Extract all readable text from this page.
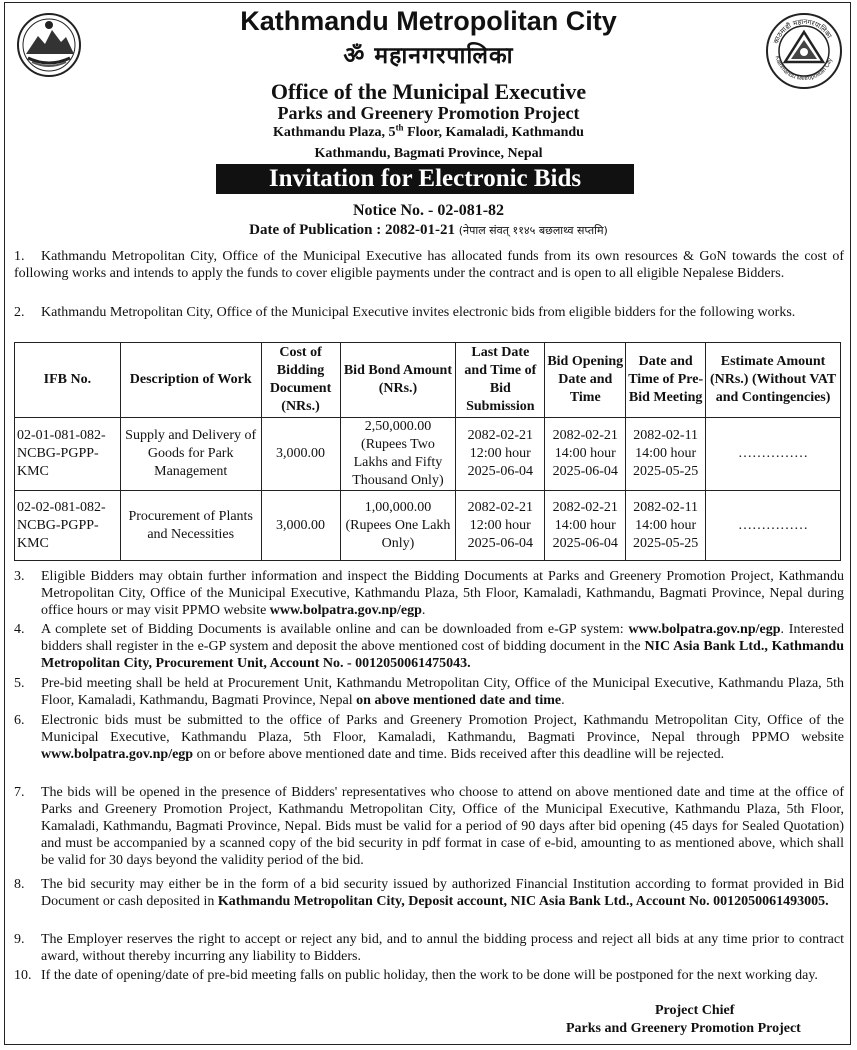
काठमाडौं महानगरपालिका
Kathmandu Metropolitan City
Kathmandu Metropolitan City
ॐ महानगरपालिका
Office of the Municipal Executive
Parks and Greenery Promotion Project
Kathmandu Plaza, 5th Floor, Kamaladi, Kathmandu
Kathmandu, Bagmati Province, Nepal
Invitation for Electronic Bids
Notice No. - 02-081-82
Date of Publication : 2082-01-21 (नेपाल संवत् ११४५ बछलाथ्व सप्तमि)
1.	Kathmandu Metropolitan City, Office of the Municipal Executive has allocated funds from its own resources & GoN towards the cost of following works and intends to apply the funds to cover eligible payments under the contract and is open to all eligible Nepalese Bidders.
2.	Kathmandu Metropolitan City, Office of the Municipal Executive invites electronic bids from eligible bidders for the following works.
IFB No.	Description of Work	Cost of Bidding Document (NRs.)	Bid Bond Amount (NRs.)	Last Date and Time of Bid Submission	Bid Opening Date and Time	Date and Time of Pre-Bid Meeting	Estimate Amount (NRs.) (Without VAT and Contingencies)
02-01-081-082-NCBG-PGPP-KMC	Supply and Delivery of Goods for Park Management	3,000.00	2,50,000.00 (Rupees Two Lakhs and Fifty Thousand Only)	2082-02-21 12:00 hour 2025-06-04	2082-02-21 14:00 hour 2025-06-04	2082-02-11 14:00 hour 2025-05-25	……………
02-02-081-082-NCBG-PGPP-KMC	Procurement of Plants and Necessities	3,000.00	1,00,000.00 (Rupees One Lakh Only)	2082-02-21 12:00 hour 2025-06-04	2082-02-21 14:00 hour 2025-06-04	2082-02-11 14:00 hour 2025-05-25	……………
3. Eligible Bidders may obtain further information and inspect the Bidding Documents at Parks and Greenery Promotion Project, Kathmandu Metropolitan City, Office of the Municipal Executive, Kathmandu Plaza, 5th Floor, Kamaladi, Kathmandu, Bagmati Province, Nepal during office hours or may visit PPMO website www.bolpatra.gov.np/egp.
4. A complete set of Bidding Documents is available online and can be downloaded from e-GP system: www.bolpatra.gov.np/egp. Interested bidders shall register in the e-GP system and deposit the above mentioned cost of bidding document in the NIC Asia Bank Ltd., Kathmandu Metropolitan City, Procurement Unit, Account No. - 0012050061475043.
5. Pre-bid meeting shall be held at Procurement Unit, Kathmandu Metropolitan City, Office of the Municipal Executive, Kathmandu Plaza, 5th Floor, Kamaladi, Kathmandu, Bagmati Province, Nepal on above mentioned date and time.
6. Electronic bids must be submitted to the office of Parks and Greenery Promotion Project, Kathmandu Metropolitan City, Office of the Municipal Executive, Kathmandu Plaza, 5th Floor, Kamaladi, Kathmandu, Bagmati Province, Nepal through PPMO website www.bolpatra.gov.np/egp on or before above mentioned date and time. Bids received after this deadline will be rejected.
7. The bids will be opened in the presence of Bidders' representatives who choose to attend on above mentioned date and time at the office of Parks and Greenery Promotion Project, Kathmandu Metropolitan City, Office of the Municipal Executive, Kathmandu Plaza, 5th Floor, Kamaladi, Kathmandu, Bagmati Province, Nepal. Bids must be valid for a period of 90 days after bid opening (45 days for Sealed Quotation) and must be accompanied by a scanned copy of the bid security in pdf format in case of e-bid, amounting to as mentioned above, which shall be valid for 30 days beyond the validity period of the bid.
8. The bid security may either be in the form of a bid security issued by authorized Financial Institution according to format provided in Bid Document or cash deposited in Kathmandu Metropolitan City, Deposit account, NIC Asia Bank Ltd., Account No. 0012050061493005.
9. The Employer reserves the right to accept or reject any bid, and to annul the bidding process and reject all bids at any time prior to contract award, without thereby incurring any liability to Bidders.
10. If the date of opening/date of pre-bid meeting falls on public holiday, then the work to be done will be postponed for the next working day.
Project Chief
Parks and Greenery Promotion Project
